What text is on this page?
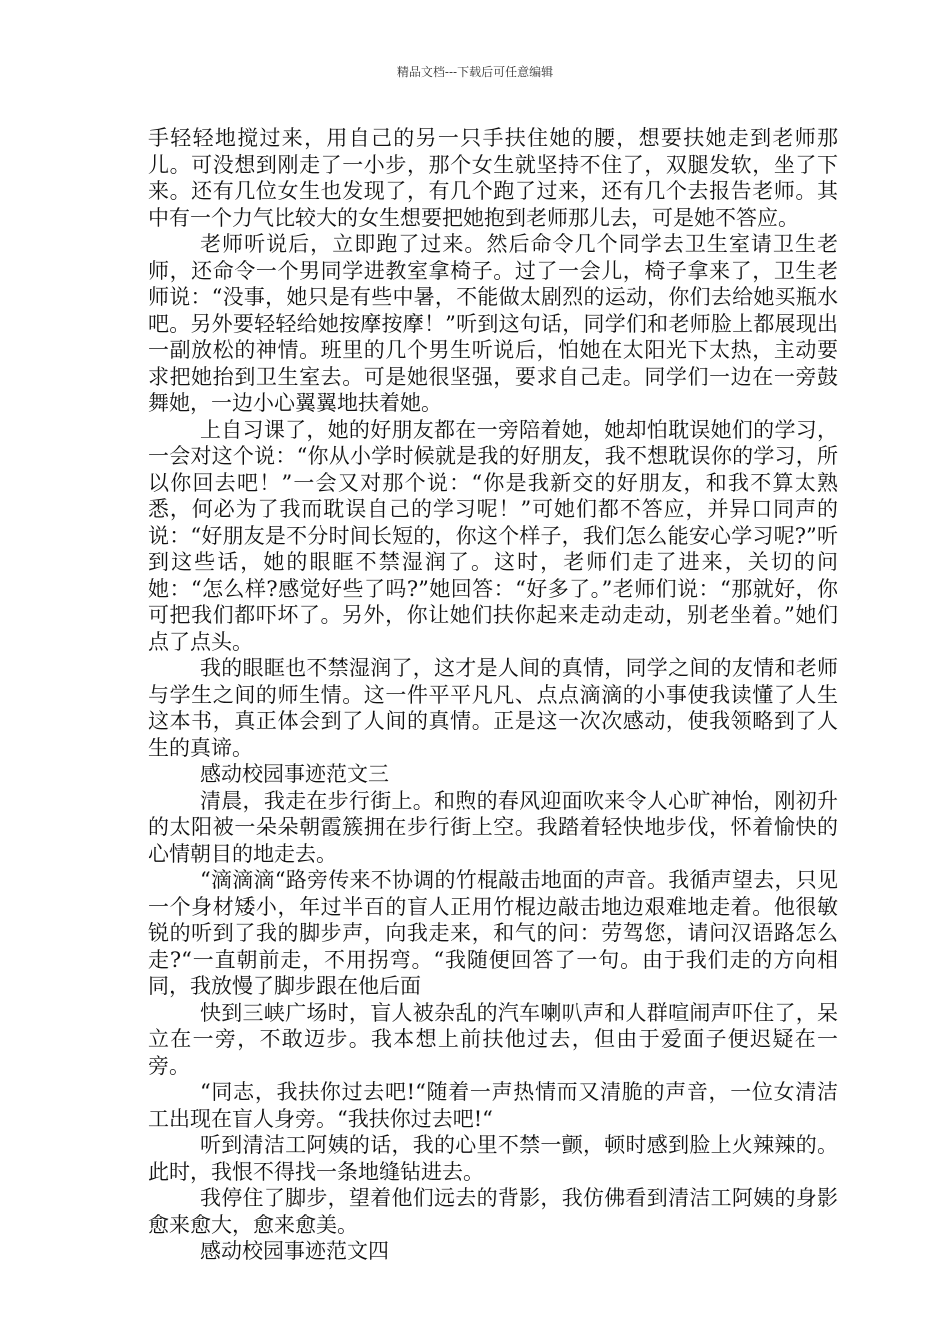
精品文档---下载后可任意编辑

手轻轻地搅过来，用自己的另一只手扶住她的腰，想要扶她走到老师那儿。可没想到刚走了一小步，那个女生就坚持不住了，双腿发软，坐了下来。还有几位女生也发现了，有几个跑了过来，还有几个去报告老师。其中有一个力气比较大的女生想要把她抱到老师那儿去，可是她不答应。

老师听说后，立即跑了过来。然后命令几个同学去卫生室请卫生老师，还命令一个男同学进教室拿椅子。过了一会儿，椅子拿来了，卫生老师说：“没事，她只是有些中暑，不能做太剧烈的运动，你们去给她买瓶水吧。另外要轻轻给她按摩按摩！”听到这句话，同学们和老师脸上都展现出一副放松的神情。班里的几个男生听说后，怕她在太阳光下太热，主动要求把她抬到卫生室去。可是她很坚强，要求自己走。同学们一边在一旁鼓舞她，一边小心翼翼地扶着她。

上自习课了，她的好朋友都在一旁陪着她，她却怕耽误她们的学习，一会对这个说：“你从小学时候就是我的好朋友，我不想耽误你的学习，所以你回去吧！”一会又对那个说：“你是我新交的好朋友，和我不算太熟悉，何必为了我而耽误自己的学习呢！”可她们都不答应，并异口同声的说：“好朋友是不分时间长短的，你这个样子，我们怎么能安心学习呢?”听到这些话，她的眼眶不禁湿润了。这时，老师们走了进来，关切的问她：“怎么样?感觉好些了吗?”她回答：“好多了。”老师们说：“那就好，你可把我们都吓坏了。另外，你让她们扶你起来走动走动，别老坐着。”她们点了点头。

我的眼眶也不禁湿润了，这才是人间的真情，同学之间的友情和老师与学生之间的师生情。这一件平平凡凡、点点滴滴的小事使我读懂了人生这本书，真正体会到了人间的真情。正是这一次次感动，使我领略到了人生的真谛。

感动校园事迹范文三

清晨，我走在步行街上。和煦的春风迎面吹来令人心旷神怡，刚初升的太阳被一朵朵朝霞簇拥在步行街上空。我踏着轻快地步伐，怀着愉快的心情朝目的地走去。

“滴滴滴“路旁传来不协调的竹棍敲击地面的声音。我循声望去，只见一个身材矮小，年过半百的盲人正用竹棍边敲击地边艰难地走着。他很敏锐的听到了我的脚步声，向我走来，和气的问：劳驾您，请问汉语路怎么走?“一直朝前走，不用拐弯。“我随便回答了一句。由于我们走的方向相同，我放慢了脚步跟在他后面

快到三峡广场时，盲人被杂乱的汽车喇叭声和人群喧闹声吓住了，呆立在一旁，不敢迈步。我本想上前扶他过去，但由于爱面子便迟疑在一旁。

“同志，我扶你过去吧!“随着一声热情而又清脆的声音，一位女清洁工出现在盲人身旁。“我扶你过去吧!“

听到清洁工阿姨的话，我的心里不禁一颤，顿时感到脸上火辣辣的。此时，我恨不得找一条地缝钻进去。

我停住了脚步，望着他们远去的背影，我仿佛看到清洁工阿姨的身影愈来愈大，愈来愈美。

感动校园事迹范文四
